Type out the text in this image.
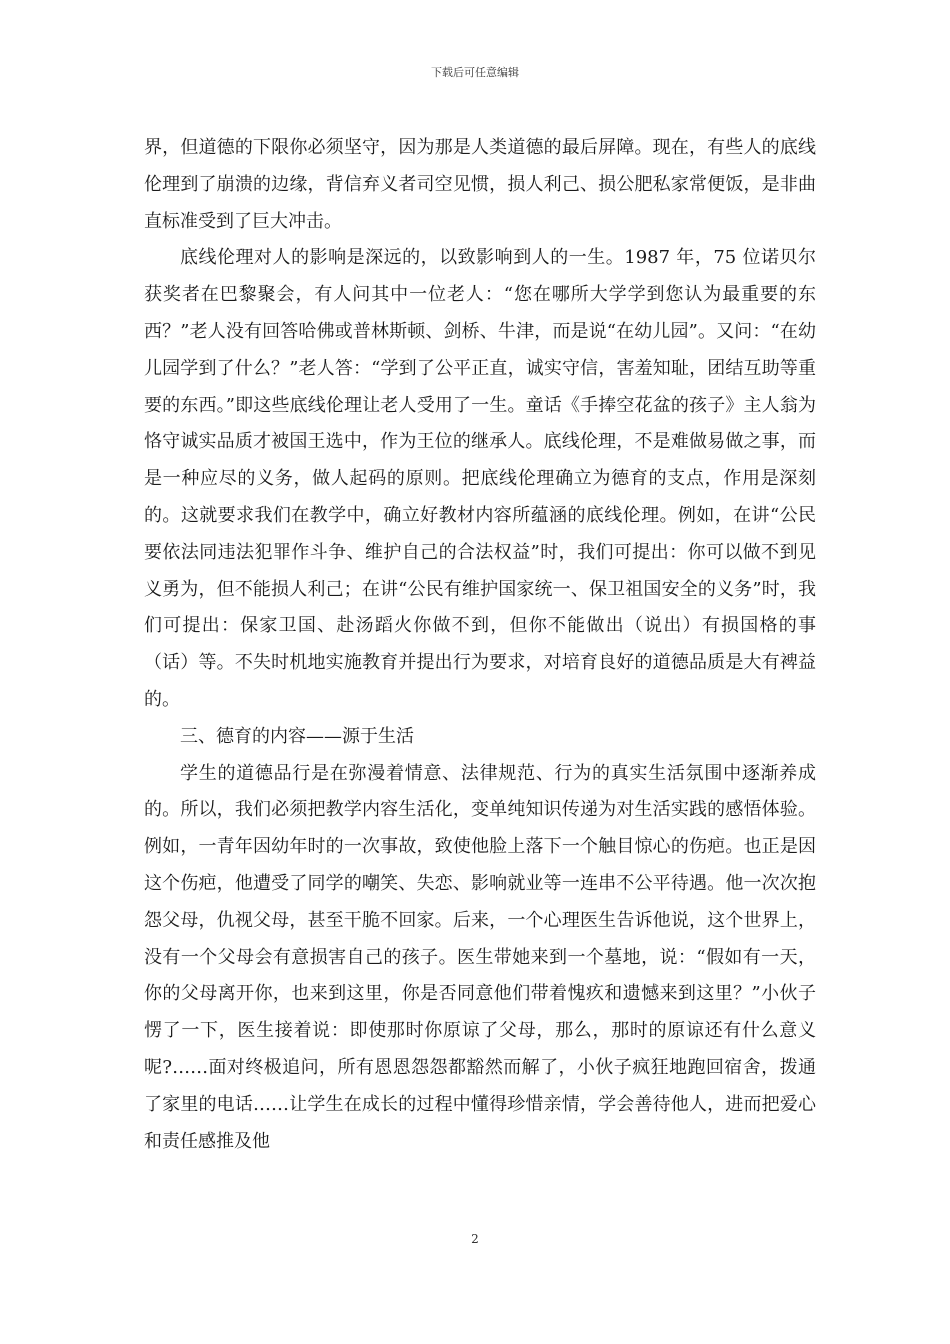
下载后可任意编辑

界，但道德的下限你必须坚守，因为那是人类道德的最后屏障。现在，有些人的底线伦理到了崩溃的边缘，背信弃义者司空见惯，损人利己、损公肥私家常便饭，是非曲直标准受到了巨大冲击。

底线伦理对人的影响是深远的，以致影响到人的一生。1987 年，75 位诺贝尔获奖者在巴黎聚会，有人问其中一位老人：“您在哪所大学学到您认为最重要的东西？”老人没有回答哈佛或普林斯顿、剑桥、牛津，而是说“在幼儿园”。又问：“在幼儿园学到了什么？”老人答：“学到了公平正直，诚实守信，害羞知耻，团结互助等重要的东西。”即这些底线伦理让老人受用了一生。童话《手捧空花盆的孩子》主人翁为恪守诚实品质才被国王选中，作为王位的继承人。底线伦理，不是难做易做之事，而是一种应尽的义务，做人起码的原则。把底线伦理确立为德育的支点，作用是深刻的。这就要求我们在教学中，确立好教材内容所蕴涵的底线伦理。例如，在讲“公民要依法同违法犯罪作斗争、维护自己的合法权益”时，我们可提出：你可以做不到见义勇为，但不能损人利己；在讲“公民有维护国家统一、保卫祖国安全的义务”时，我们可提出：保家卫国、赴汤蹈火你做不到，但你不能做出（说出）有损国格的事（话）等。不失时机地实施教育并提出行为要求，对培育良好的道德品质是大有裨益的。

三、德育的内容——源于生活

学生的道德品行是在弥漫着情意、法律规范、行为的真实生活氛围中逐渐养成的。所以，我们必须把教学内容生活化，变单纯知识传递为对生活实践的感悟体验。例如，一青年因幼年时的一次事故，致使他脸上落下一个触目惊心的伤疤。也正是因这个伤疤，他遭受了同学的嘲笑、失恋、影响就业等一连串不公平待遇。他一次次抱怨父母，仇视父母，甚至干脆不回家。后来，一个心理医生告诉他说，这个世界上，没有一个父母会有意损害自己的孩子。医生带她来到一个墓地，说：“假如有一天，你的父母离开你，也来到这里，你是否同意他们带着愧疚和遗憾来到这里？”小伙子愣了一下，医生接着说：即使那时你原谅了父母，那么，那时的原谅还有什么意义呢?……面对终极追问，所有恩恩怨怨都豁然而解了，小伙子疯狂地跑回宿舍，拨通了家里的电话……让学生在成长的过程中懂得珍惜亲情，学会善待他人，进而把爱心和责任感推及他

2
